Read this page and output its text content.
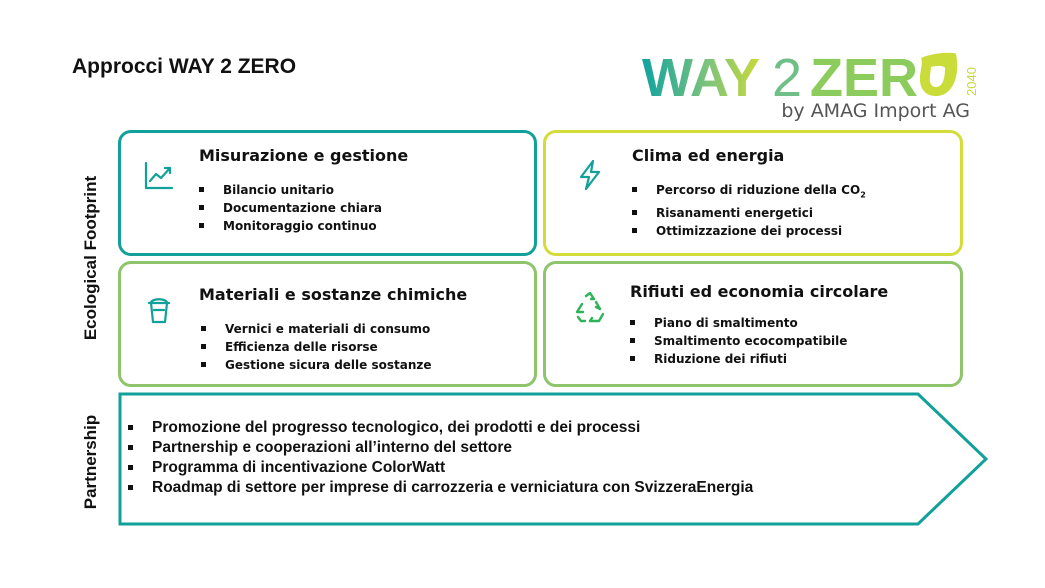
Approcci WAY 2 ZERO	WAY 2 ZER	2040
by AMAG Import AG
Ecological Footprint
Partnership
Misurazione e gestione
Bilancio unitario
Documentazione chiara
Monitoraggio continuo
Clima ed energia
Percorso di riduzione della $CO_2$
Risanamenti energetici
Ottimizzazione dei processi
Materiali e sostanze chimiche
Vernici e materiali di consumo
Efficienza delle risorse
Gestione sicura delle sostanze
Rifiuti ed economia circolare
Piano di smaltimento
Smaltimento ecocompatibile
Riduzione dei rifiuti
Promozione del progresso tecnologico, dei prodotti e dei processi
Partnership e cooperazioni all’interno del settore
Programma di incentivazione ColorWatt
Roadmap di settore per imprese di carrozzeria e verniciatura con SvizzeraEnergia
